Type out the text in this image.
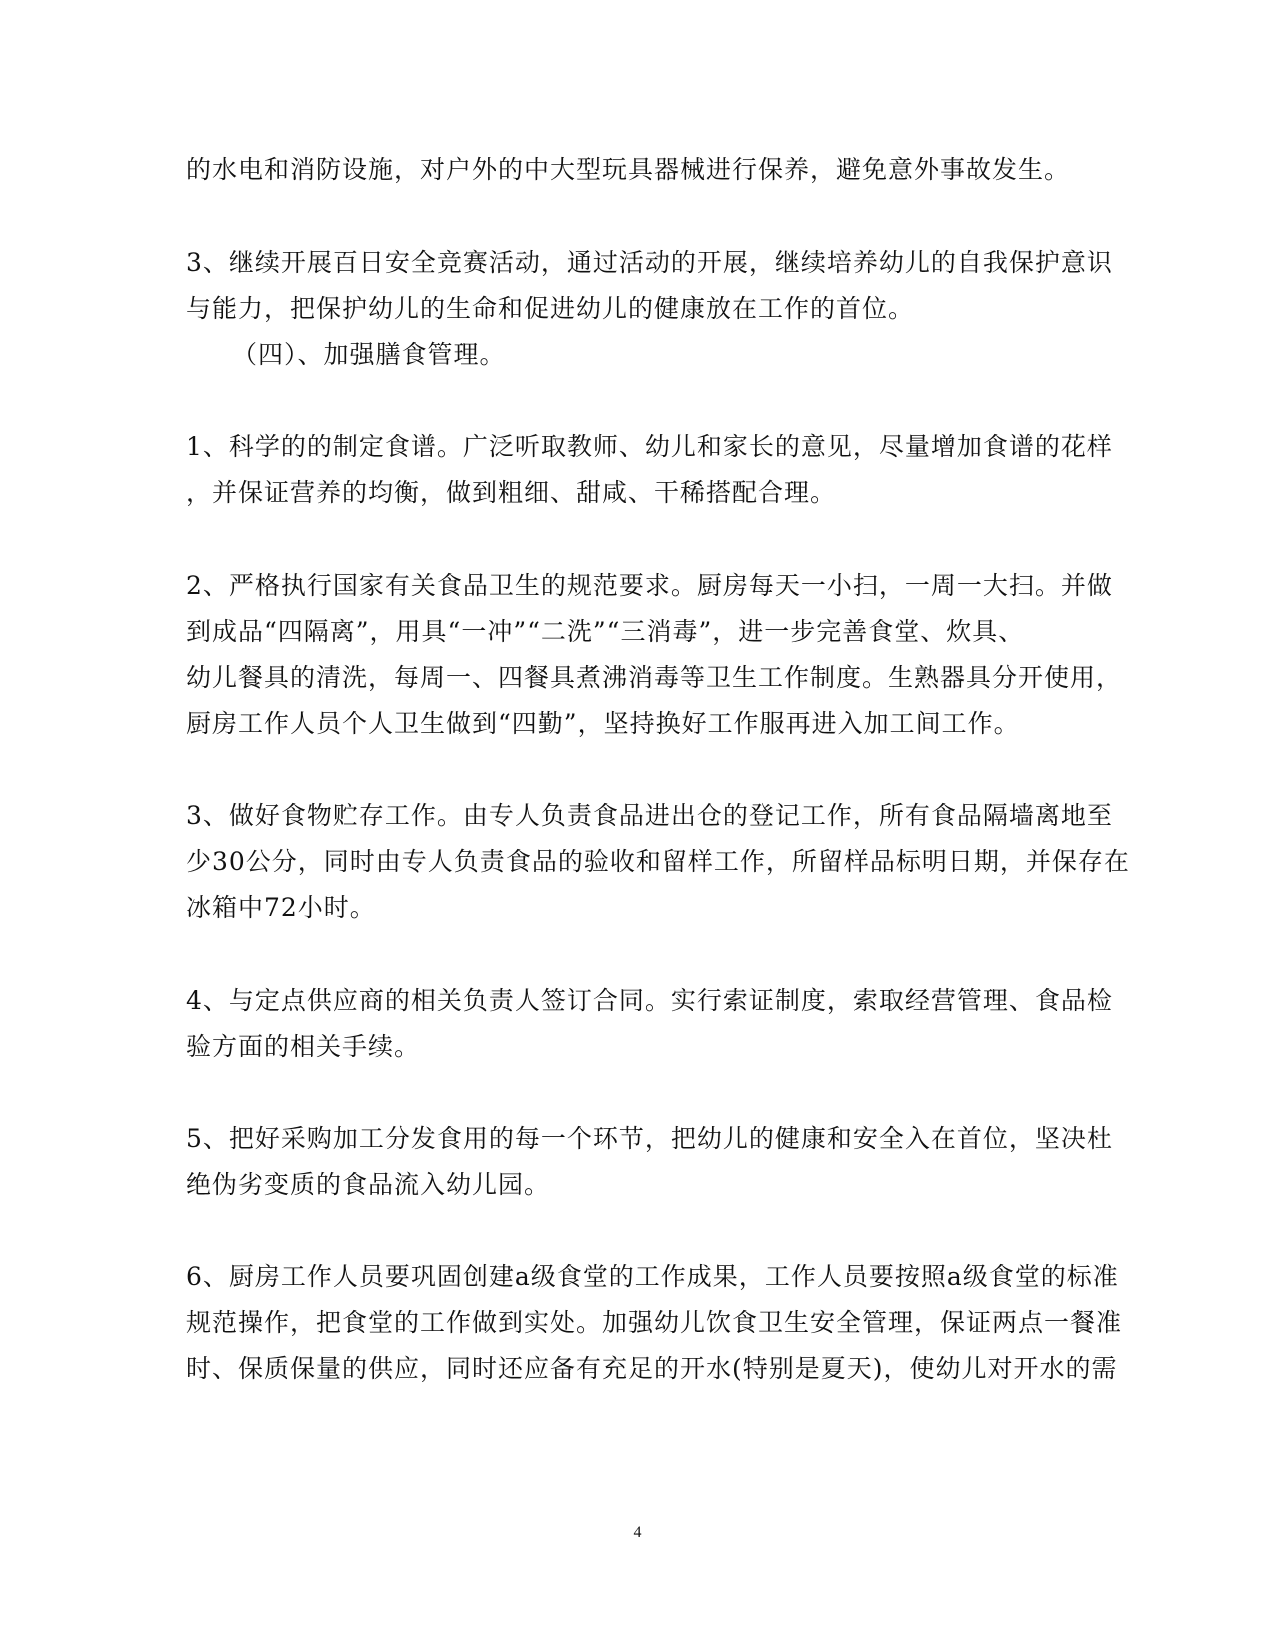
的水电和消防设施，对户外的中大型玩具器械进行保养，避免意外事故发生。
3、继续开展百日安全竞赛活动，通过活动的开展，继续培养幼儿的自我保护意识
与能力，把保护幼儿的生命和促进幼儿的健康放在工作的首位。
（四）、加强膳食管理。
1、科学的的制定食谱。广泛听取教师、幼儿和家长的意见，尽量增加食谱的花样
，并保证营养的均衡，做到粗细、甜咸、干稀搭配合理。
2、严格执行国家有关食品卫生的规范要求。厨房每天一小扫，一周一大扫。并做
到成品“四隔离”，用具“一冲”“二洗”“三消毒”，进一步完善食堂、炊具、
幼儿餐具的清洗，每周一、四餐具煮沸消毒等卫生工作制度。生熟器具分开使用，
厨房工作人员个人卫生做到“四勤”，坚持换好工作服再进入加工间工作。
3、做好食物贮存工作。由专人负责食品进出仓的登记工作，所有食品隔墙离地至
少30公分，同时由专人负责食品的验收和留样工作，所留样品标明日期，并保存在
冰箱中72小时。
4、与定点供应商的相关负责人签订合同。实行索证制度，索取经营管理、食品检
验方面的相关手续。
5、把好采购加工分发食用的每一个环节，把幼儿的健康和安全入在首位，坚决杜
绝伪劣变质的食品流入幼儿园。
6、厨房工作人员要巩固创建a级食堂的工作成果，工作人员要按照a级食堂的标准
规范操作，把食堂的工作做到实处。加强幼儿饮食卫生安全管理，保证两点一餐准
时、保质保量的供应，同时还应备有充足的开水(特别是夏天)，使幼儿对开水的需
4
